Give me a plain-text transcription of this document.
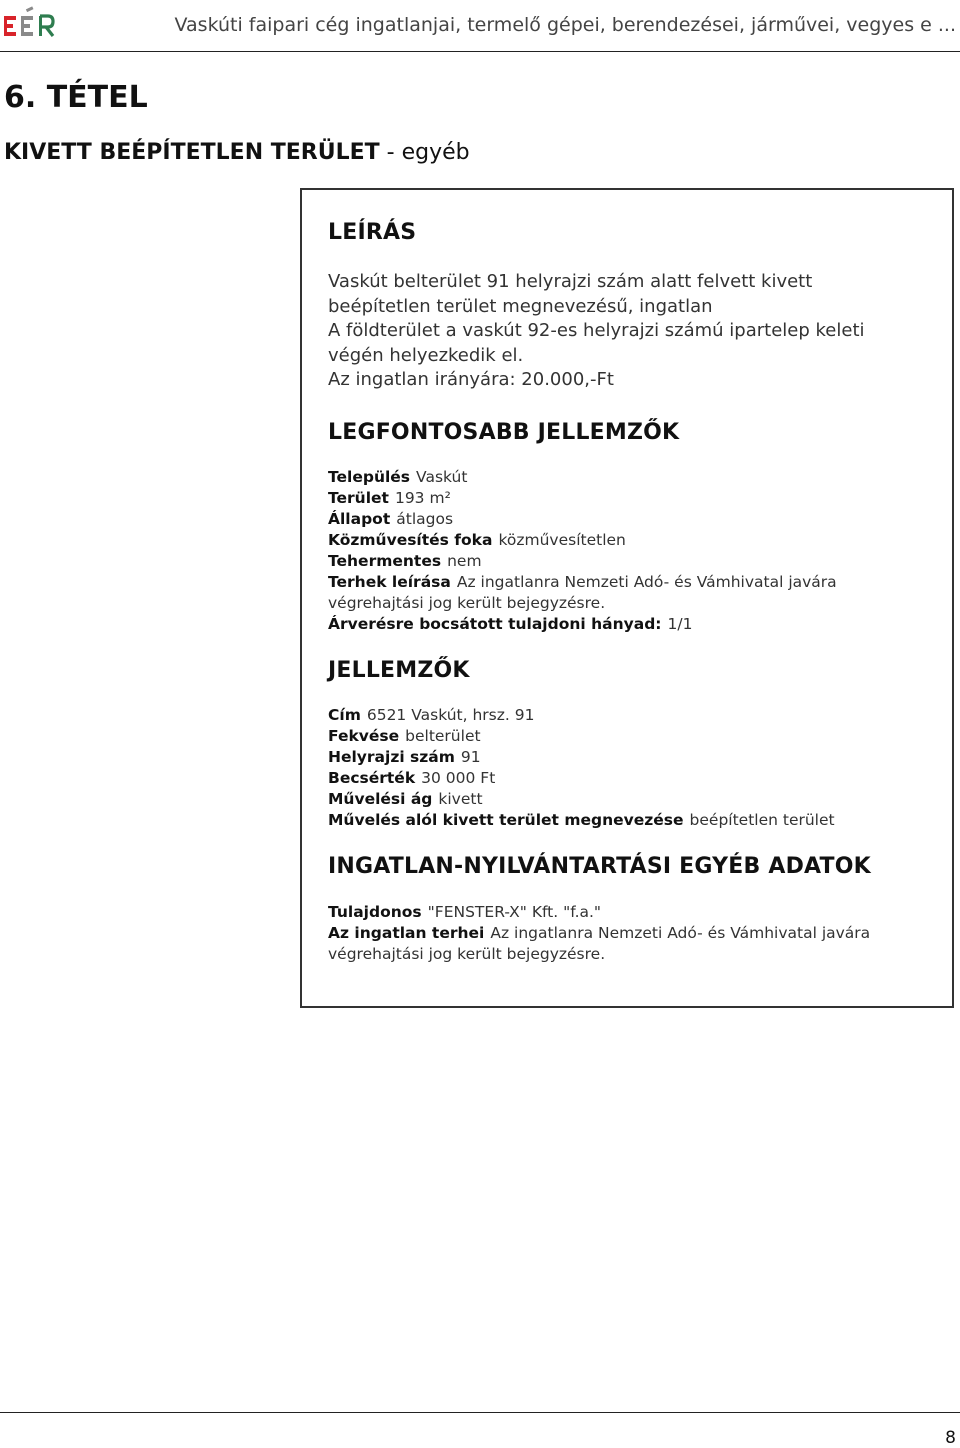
Vaskúti faipari cég ingatlanjai, termelő gépei, berendezései, járművei, vegyes e ...
6. TÉTEL
KIVETT BEÉPÍTETLEN TERÜLET - egyéb
LEÍRÁS
Vaskút belterület 91 helyrajzi szám alatt felvett kivett
beépítetlen terület megnevezésű, ingatlan
A földterület a vaskút 92-es helyrajzi számú ipartelep keleti
végén helyezkedik el.
Az ingatlan irányára: 20.000,-Ft
LEGFONTOSABB JELLEMZŐK
Település Vaskút
Terület 193 m²
Állapot átlagos
Közművesítés foka közművesítetlen
Tehermentes nem
Terhek leírása Az ingatlanra Nemzeti Adó- és Vámhivatal javára
végrehajtási jog került bejegyzésre.
Árverésre bocsátott tulajdoni hányad: 1/1
JELLEMZŐK
Cím 6521 Vaskút, hrsz. 91
Fekvése belterület
Helyrajzi szám 91
Becsérték 30 000 Ft
Művelési ág kivett
Művelés alól kivett terület megnevezése beépítetlen terület
INGATLAN-NYILVÁNTARTÁSI EGYÉB ADATOK
Tulajdonos "FENSTER-X" Kft. "f.a."
Az ingatlan terhei Az ingatlanra Nemzeti Adó- és Vámhivatal javára
végrehajtási jog került bejegyzésre.
8
